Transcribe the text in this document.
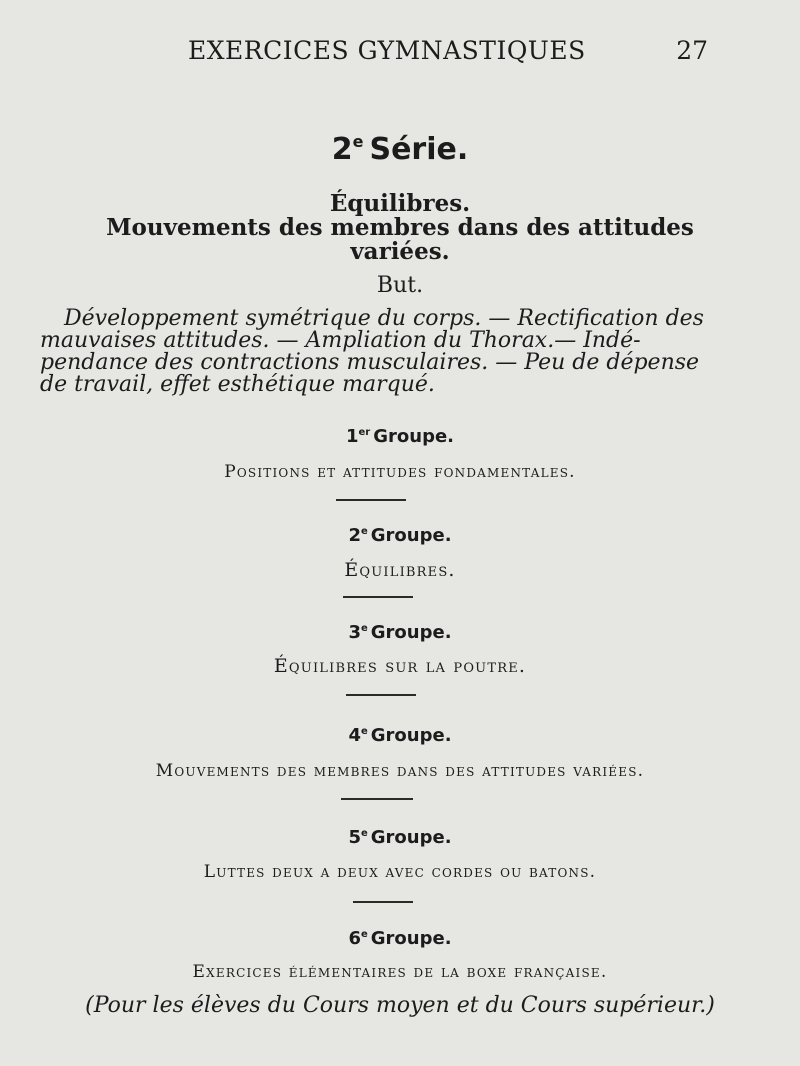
EXERCICES GYMNASTIQUES	27
2e Série.
Équilibres.
Mouvements des membres dans des attitudes
variées.
But.
Développement symétrique du corps. — Rectification des
mauvaises attitudes. — Ampliation du Thorax.— Indé-
pendance des contractions musculaires. — Peu de dépense
de travail, effet esthétique marqué.
1er Groupe.
Positions et attitudes fondamentales.
2e Groupe.
Équilibres.
3e Groupe.
Équilibres sur la poutre.
4e Groupe.
Mouvements des membres dans des attitudes variées.
5e Groupe.
Luttes deux a deux avec cordes ou batons.
6e Groupe.
Exercices élémentaires de la boxe française.
(Pour les élèves du Cours moyen et du Cours supérieur.)
